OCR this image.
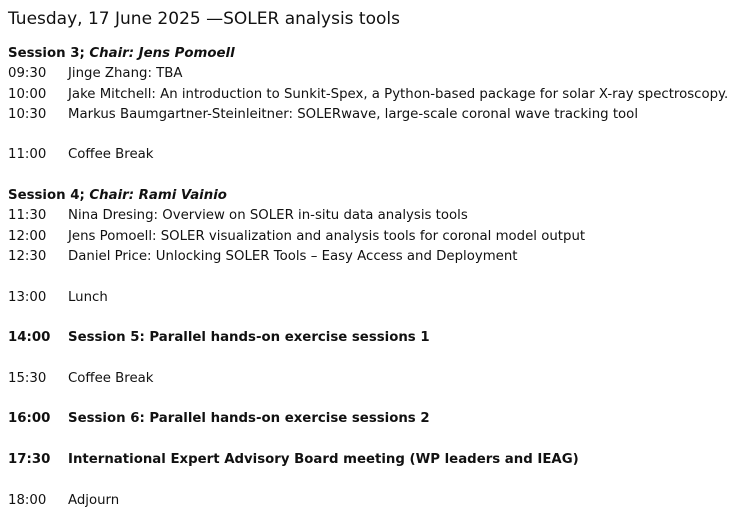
Tuesday, 17 June 2025 —SOLER analysis tools
Session 3; Chair: Jens Pomoell
09:30	Jinge Zhang: TBA
10:00	Jake Mitchell: An introduction to Sunkit-Spex, a Python-based package for solar X-ray spectroscopy.
10:30	Markus Baumgartner-Steinleitner: SOLERwave, large-scale coronal wave tracking tool
11:00	Coffee Break
Session 4; Chair: Rami Vainio
11:30	Nina Dresing: Overview on SOLER in-situ data analysis tools
12:00	Jens Pomoell: SOLER visualization and analysis tools for coronal model output
12:30	Daniel Price: Unlocking SOLER Tools – Easy Access and Deployment
13:00	Lunch
14:00	Session 5: Parallel hands-on exercise sessions 1
15:30	Coffee Break
16:00	Session 6: Parallel hands-on exercise sessions 2
17:30	International Expert Advisory Board meeting (WP leaders and IEAG)
18:00	Adjourn
